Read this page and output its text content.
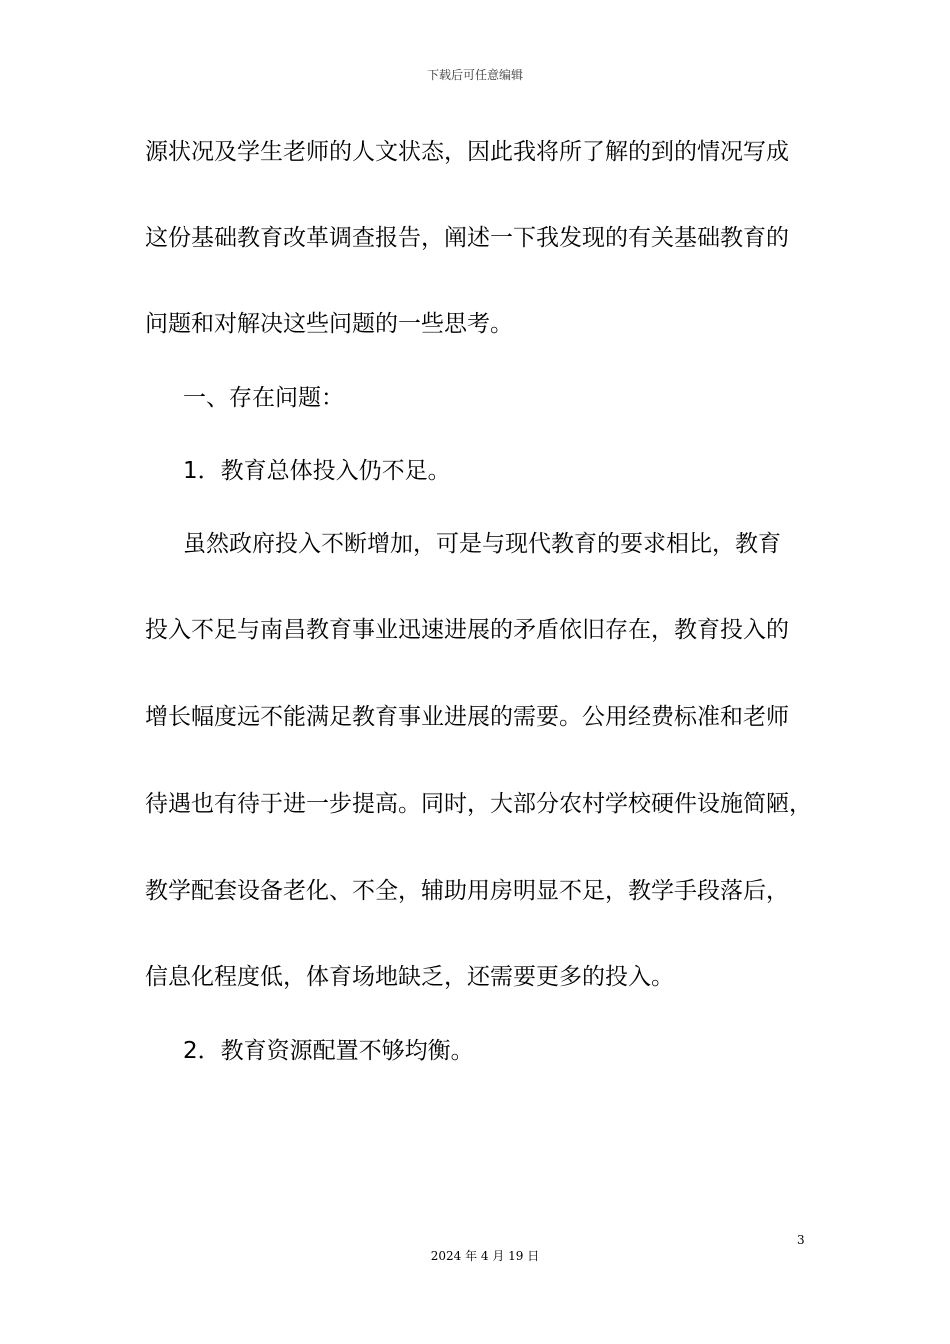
下载后可任意编辑
源状况及学生老师的人文状态，因此我将所了解的到的情况写成
这份基础教育改革调查报告，阐述一下我发现的有关基础教育的
问题和对解决这些问题的一些思考。
一、存在问题：
1．教育总体投入仍不足。
虽然政府投入不断增加，可是与现代教育的要求相比，教育
投入不足与南昌教育事业迅速进展的矛盾依旧存在，教育投入的
增长幅度远不能满足教育事业进展的需要。公用经费标准和老师
待遇也有待于进一步提高。同时，大部分农村学校硬件设施简陋，
教学配套设备老化、不全，辅助用房明显不足，教学手段落后，
信息化程度低，体育场地缺乏，还需要更多的投入。
2．教育资源配置不够均衡。
3
2024 年 4 月 19 日
